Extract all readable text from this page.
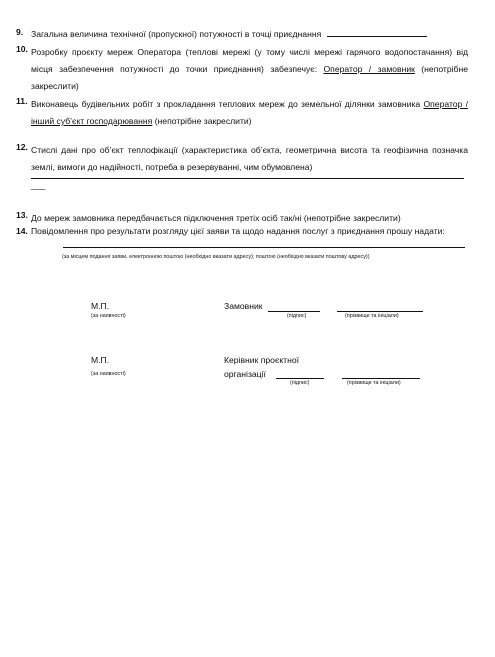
9. Загальна величина технічної (пропускної) потужності в точці приєднання
10. Розробку проєкту мереж Оператора (теплові мережі (у тому числі мережі гарячого водопостачання) від місця забезпечення потужності до точки приєднання) забезпечує: Оператор / замовник (непотрібне закреслити)
11. Виконавець будівельних робіт з прокладання теплових мереж до земельної ділянки замовника Оператор / інший суб’єкт господарювання (непотрібне закреслити)
12. Стислі дані про об’єкт теплофікації (характеристика об’єкта, геометрична висота та геофізична позначка землі, вимоги до надійності, потреба в резервуванні, чим обумовлена)
___
13. До мереж замовника передбачається підключення третіх осіб так/ні (непотрібне закреслити)
14. Повідомлення про результати розгляду цієї заяви та щодо надання послуг з приєднання прошу надати:
(за місцем подання заяви, електронною поштою (необхідно вказати адресу); поштою (необхідно вказати поштову адресу))
М.П.
(за наявності)
Замовник
(підпис)	(прізвище та ініціали)
М.П.
(за наявності)
Керівник проєктної
організації
(підпис)	(прізвище та ініціали)
